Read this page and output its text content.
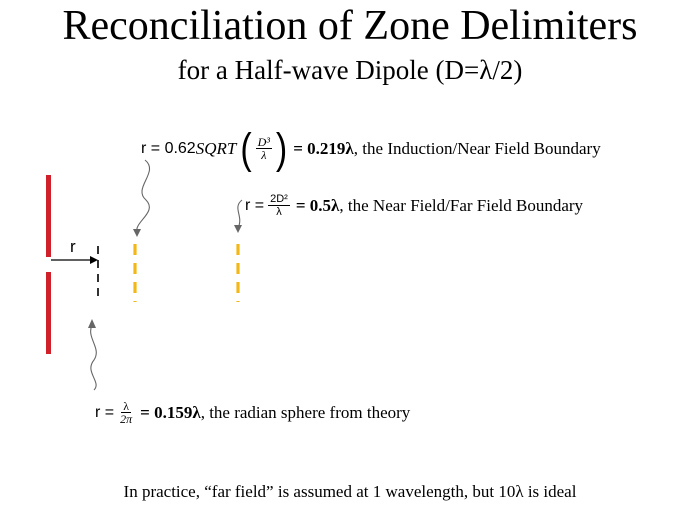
Reconciliation of Zone Delimiters
for a Half-wave Dipole (D=λ/2)
r
r = 0.62 SQRT ( $\frac{\text{D³}}{\lambda}$ ) = 0.219λ , the Induction/Near Field Boundary
$r = \frac{\text{2D²}}{\lambda} = 0.5\lambda$ , the Near Field/Far Field Boundary
$r = \frac{\lambda}{2\pi} = 0.159\lambda$ , the radian sphere from theory
In practice, “far field” is assumed at 1 wavelength, but 10λ is ideal
